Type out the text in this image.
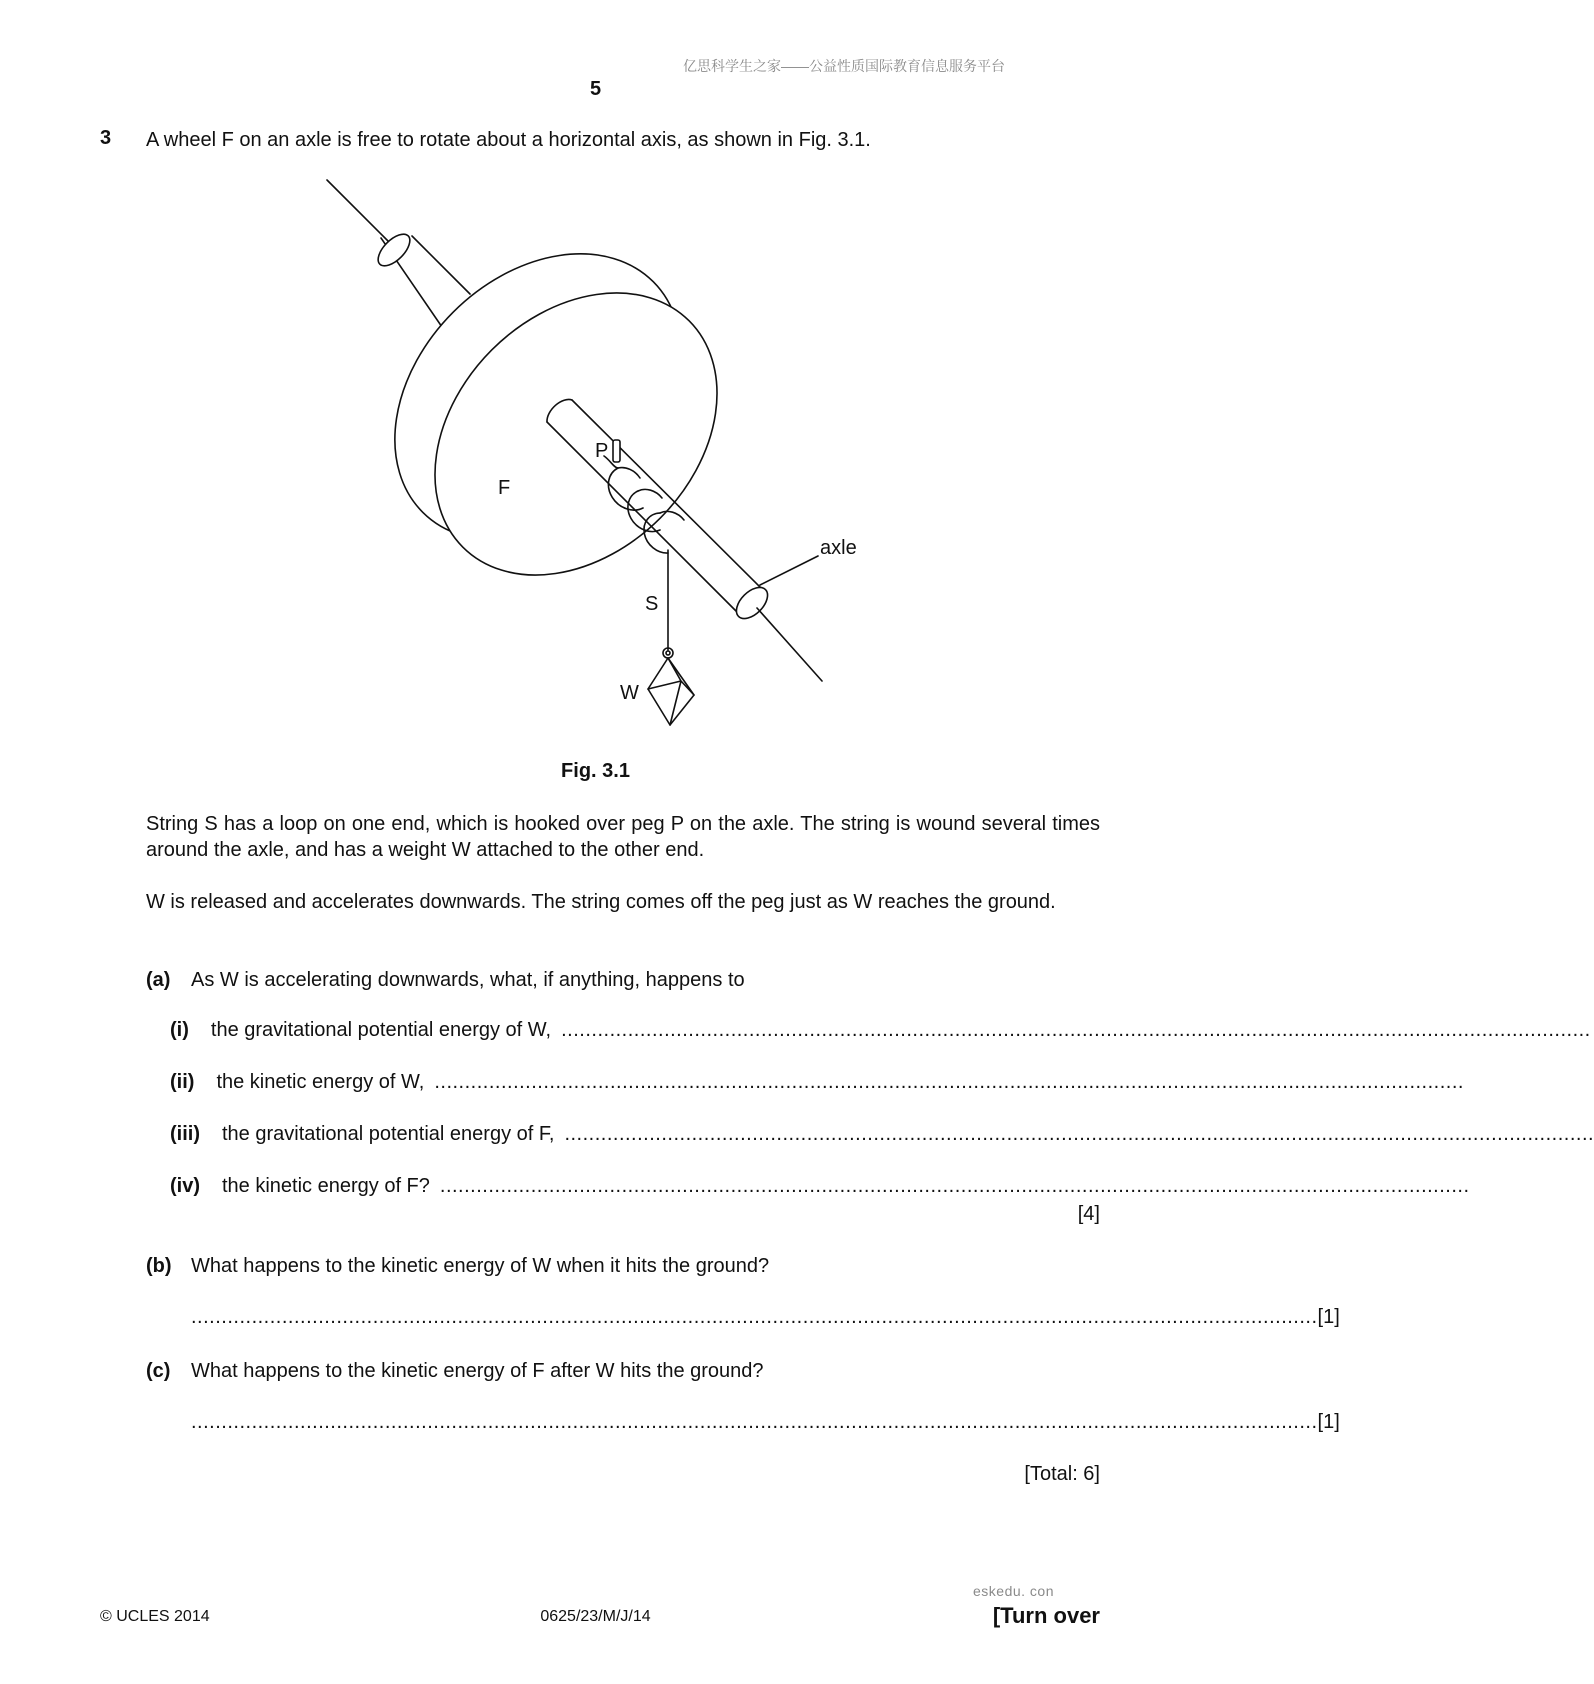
亿思科学生之家——公益性质国际教育信息服务平台
5
3 A wheel F on an axle is free to rotate about a horizontal axis, as shown in Fig. 3.1.
P
F
axle
S
W
Fig. 3.1
String S has a loop on one end, which is hooked over peg P on the axle. The string is wound several times around the axle, and has a weight W attached to the other end.
W is released and accelerates downwards. The string comes off the peg just as W reaches the ground.
(a) As W is accelerating downwards, what, if anything, happens to
(i) the gravitational potential energy of W, ..........................................................................................................................................................................
(ii) the kinetic energy of W, ..........................................................................................................................................................................
(iii) the gravitational potential energy of F, ..........................................................................................................................................................................
(iv) the kinetic energy of F? ..........................................................................................................................................................................
[4]
(b) What happens to the kinetic energy of W when it hits the ground?
.......................................................................................................................................................................................... [1]
(c) What happens to the kinetic energy of F after W hits the ground?
.......................................................................................................................................................................................... [1]
[Total: 6]
eskedu. con
© UCLES 2014	0625/23/M/J/14	[Turn over
